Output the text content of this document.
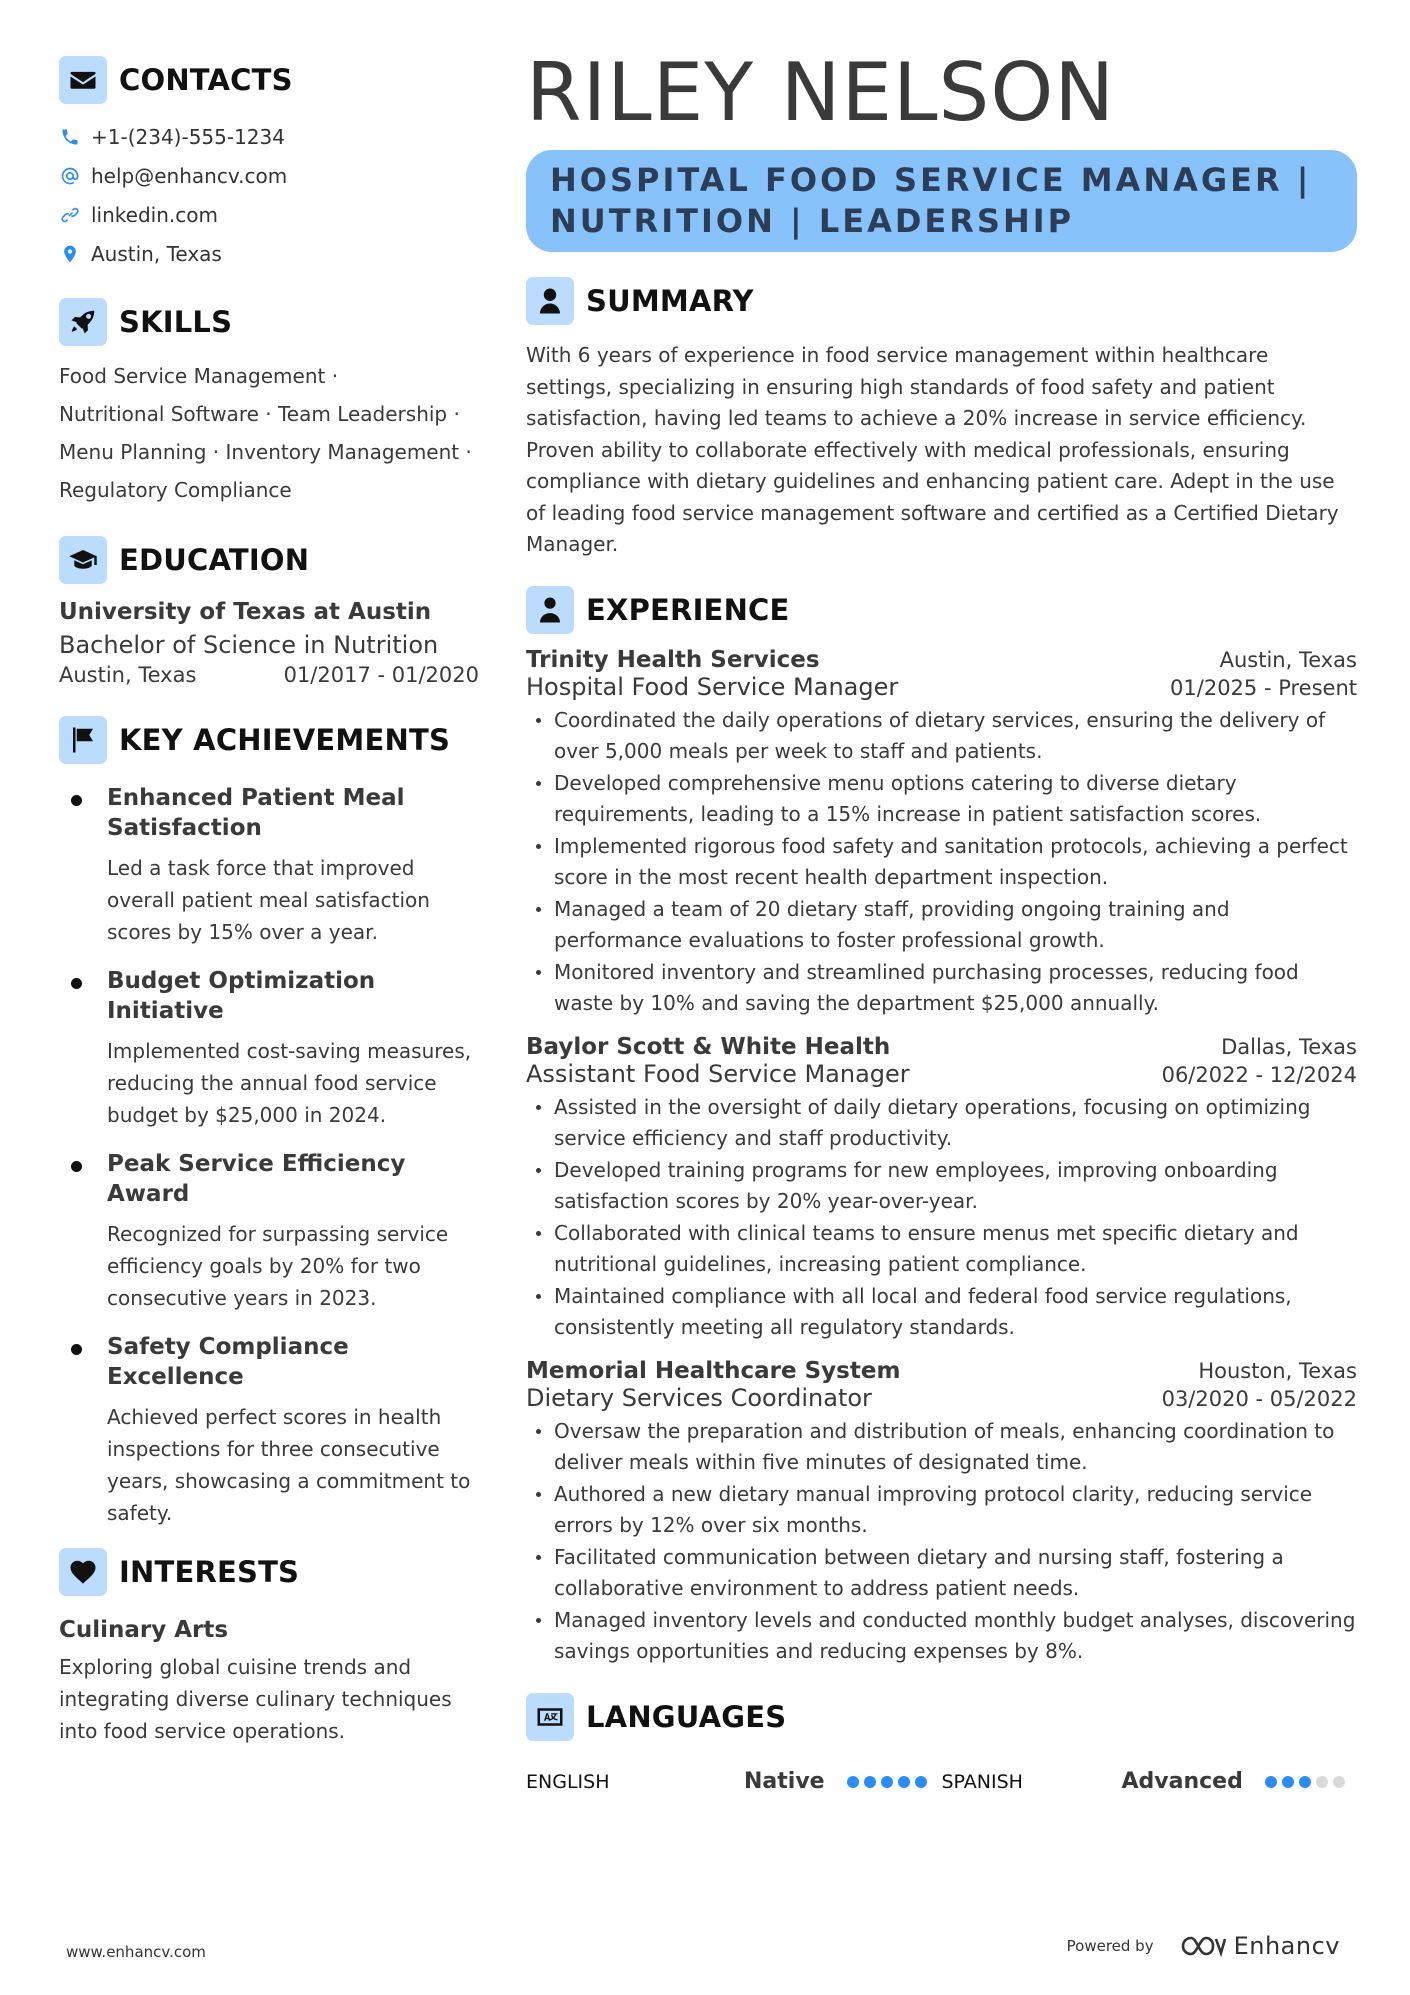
CONTACTS
+1-(234)-555-1234
help@enhancv.com
linkedin.com
Austin, Texas
SKILLS
Food Service Management ·
Nutritional Software · Team Leadership ·
Menu Planning · Inventory Management ·
Regulatory Compliance
EDUCATION
University of Texas at Austin
Bachelor of Science in Nutrition
Austin, Texas	01/2017 - 01/2020
KEY ACHIEVEMENTS
Enhanced Patient Meal Satisfaction
Led a task force that improved overall patient meal satisfaction scores by 15% over a year.
Budget Optimization Initiative
Implemented cost-saving measures, reducing the annual food service budget by $25,000 in 2024.
Peak Service Efficiency Award
Recognized for surpassing service efficiency goals by 20% for two consecutive years in 2023.
Safety Compliance Excellence
Achieved perfect scores in health inspections for three consecutive years, showcasing a commitment to safety.
INTERESTS
Culinary Arts
Exploring global cuisine trends and integrating diverse culinary techniques into food service operations.
RILEY NELSON
HOSPITAL FOOD SERVICE MANAGER |
NUTRITION | LEADERSHIP
SUMMARY
With 6 years of experience in food service management within healthcare settings, specializing in ensuring high standards of food safety and patient satisfaction, having led teams to achieve a 20% increase in service efficiency. Proven ability to collaborate effectively with medical professionals, ensuring compliance with dietary guidelines and enhancing patient care. Adept in the use of leading food service management software and certified as a Certified Dietary Manager.
EXPERIENCE
Trinity Health Services	Austin, Texas
Hospital Food Service Manager	01/2025 - Present
Coordinated the daily operations of dietary services, ensuring the delivery of over 5,000 meals per week to staff and patients.
Developed comprehensive menu options catering to diverse dietary requirements, leading to a 15% increase in patient satisfaction scores.
Implemented rigorous food safety and sanitation protocols, achieving a perfect score in the most recent health department inspection.
Managed a team of 20 dietary staff, providing ongoing training and performance evaluations to foster professional growth.
Monitored inventory and streamlined purchasing processes, reducing food waste by 10% and saving the department $25,000 annually.
Baylor Scott & White Health	Dallas, Texas
Assistant Food Service Manager	06/2022 - 12/2024
Assisted in the oversight of daily dietary operations, focusing on optimizing service efficiency and staff productivity.
Developed training programs for new employees, improving onboarding satisfaction scores by 20% year-over-year.
Collaborated with clinical teams to ensure menus met specific dietary and nutritional guidelines, increasing patient compliance.
Maintained compliance with all local and federal food service regulations, consistently meeting all regulatory standards.
Memorial Healthcare System	Houston, Texas
Dietary Services Coordinator	03/2020 - 05/2022
Oversaw the preparation and distribution of meals, enhancing coordination to deliver meals within five minutes of designated time.
Authored a new dietary manual improving protocol clarity, reducing service errors by 12% over six months.
Facilitated communication between dietary and nursing staff, fostering a collaborative environment to address patient needs.
Managed inventory levels and conducted monthly budget analyses, discovering savings opportunities and reducing expenses by 8%.
LANGUAGES
ENGLISH	Native	SPANISH	Advanced
www.enhancv.com	Powered by	Enhancv
